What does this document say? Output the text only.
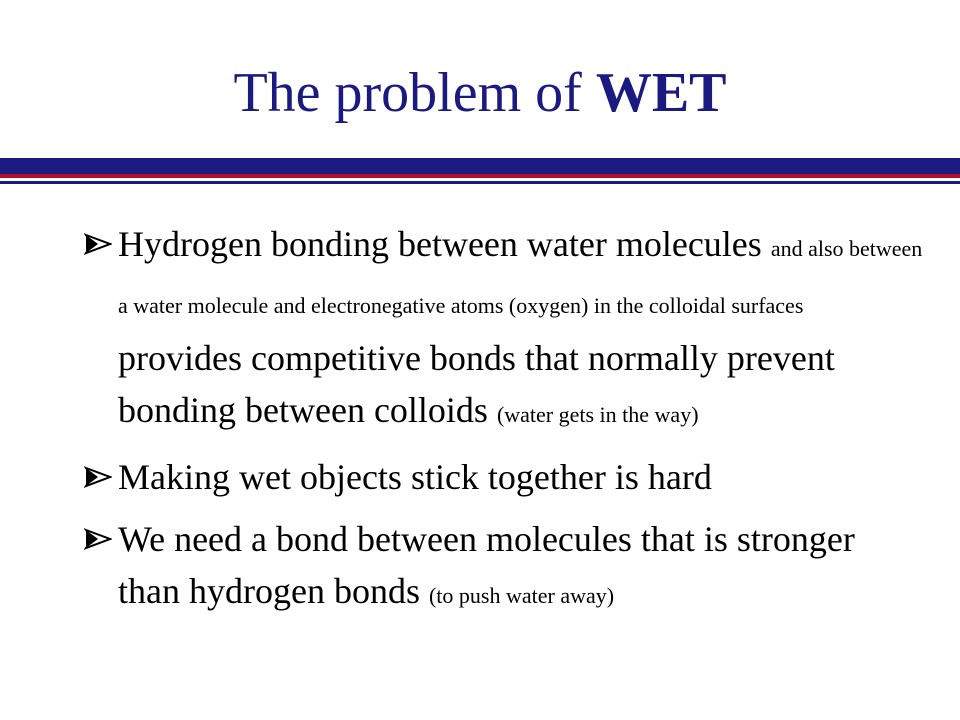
The problem of WET
Hydrogen bonding between water molecules and also between a water molecule and electronegative atoms (oxygen) in the colloidal surfaces provides competitive bonds that normally prevent bonding between colloids (water gets in the way)
Making wet objects stick together is hard
We need a bond between molecules that is stronger than hydrogen bonds (to push water away)
